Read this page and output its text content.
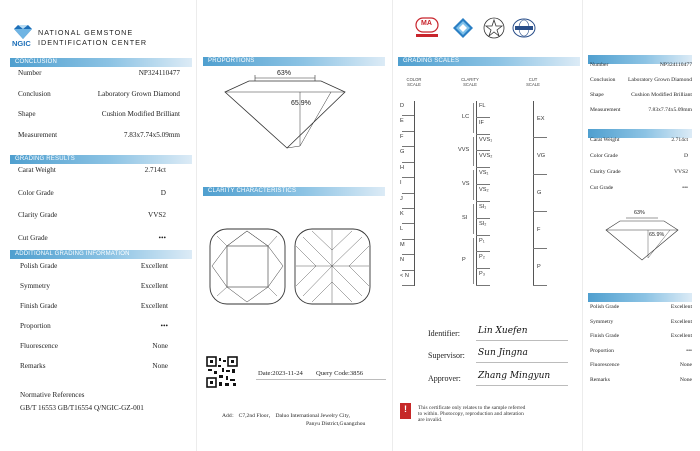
NGIC
NATIONAL GEMSTONE
IDENTIFICATION CENTER
CONCLUSION
Number	NP324110477
Conclusion	Laboratory Grown Diamond
Shape	Cushion Modified Brilliant
Measurement	7.83x7.74x5.09mm
GRADING RESULTS
Carat Weight	2.714ct
Color Grade	D
Clarity Grade	VVS2
Cut Grade	•••
ADDITIONAL GRADING INFORMATION
Polish Grade	Excellent
Symmetry	Excellent
Finish Grade	Excellent
Proportion	•••
Fluorescence	None
Remarks	None
Normative References
GB/T 16553 GB/T16554 Q/NGIC-GZ-001
PROPORTIONS
63%
65.9%
CLARITY CHARACTERISTICS
Date:2023-11-24 Query Code:3856
Add： C7,2nd Floor， Daluo International Jewelry City,
Panyu District,Guangzhou
MA
GRADING SCALES
COLOR
SCALE
CLARITY
SCALE
CUT
SCALE
D
E
F
G
H
I
J
K
L
M
N
< N
FL
IF
VVS₁
VVS₂
VS₁
VS₂
SI₁
SI₂
P₁
P₂
P₃
LC
VVS
VS
SI
P
EX
VG
G
F
P
Identifier: Lin Xuefen
Supervisor: Sun Jingna
Approver: Zhang Mingyun
! This certificate only relates to the sample referred
to within. Photocopy, reproduction and alteration
are invalid.
Number	NP324110477
Conclusion Laboratory Grown Diamond
Shape	Cushion Modified Brilliant
Measurement	7.83x7.74x5.09mm
Carat Weight	2.714ct
Color Grade	D
Clarity Grade	VVS2
Cut Grade	•••
63%
65.9%
Polish Grade	Excellent
Symmetry	Excellent
Finish Grade	Excellent
Proportion	•••
Fluorescence	None
Remarks	None
